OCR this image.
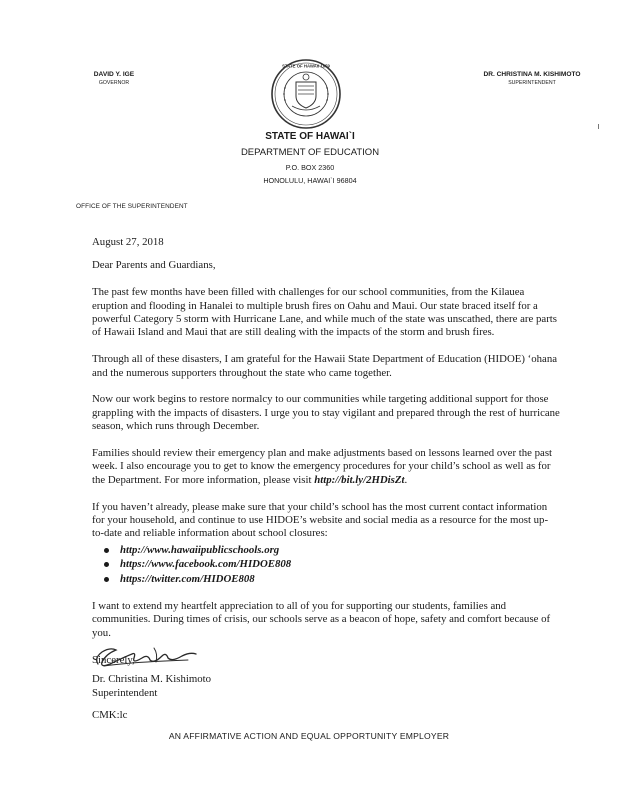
DAVID Y. IGE
GOVERNOR
STATE OF HAWAII 1959
DR. CHRISTINA M. KISHIMOTO
SUPERINTENDENT
STATE OF HAWAI`I
DEPARTMENT OF EDUCATION
P.O. BOX 2360
HONOLULU, HAWAI`I 96804
OFFICE OF THE SUPERINTENDENT

August 27, 2018

Dear Parents and Guardians,

The past few months have been filled with challenges for our school communities, from the Kilauea eruption and flooding in Hanalei to multiple brush fires on Oahu and Maui. Our state braced itself for a powerful Category 5 storm with Hurricane Lane, and while much of the state was unscathed, there are parts of Hawaii Island and Maui that are still dealing with the impacts of the storm and brush fires.

Through all of these disasters, I am grateful for the Hawaii State Department of Education (HIDOE) ‘ohana and the numerous supporters throughout the state who came together.

Now our work begins to restore normalcy to our communities while targeting additional support for those grappling with the impacts of disasters. I urge you to stay vigilant and prepared through the rest of hurricane season, which runs through December.

Families should review their emergency plan and make adjustments based on lessons learned over the past week. I also encourage you to get to know the emergency procedures for your child’s school as well as for the Department. For more information, please visit http://bit.ly/2HDisZt.

If you haven’t already, please make sure that your child’s school has the most current contact information for your household, and continue to use HIDOE’s website and social media as a resource for the most up-to-date and reliable information about school closures:

http://www.hawaiipublicschools.org
https://www.facebook.com/HIDOE808
https://twitter.com/HIDOE808

I want to extend my heartfelt appreciation to all of you for supporting our students, families and communities. During times of crisis, our schools serve as a beacon of hope, safety and comfort because of you.

Sincerely,

Dr. Christina M. Kishimoto
Superintendent
CMK:lc
AN AFFIRMATIVE ACTION AND EQUAL OPPORTUNITY EMPLOYER
